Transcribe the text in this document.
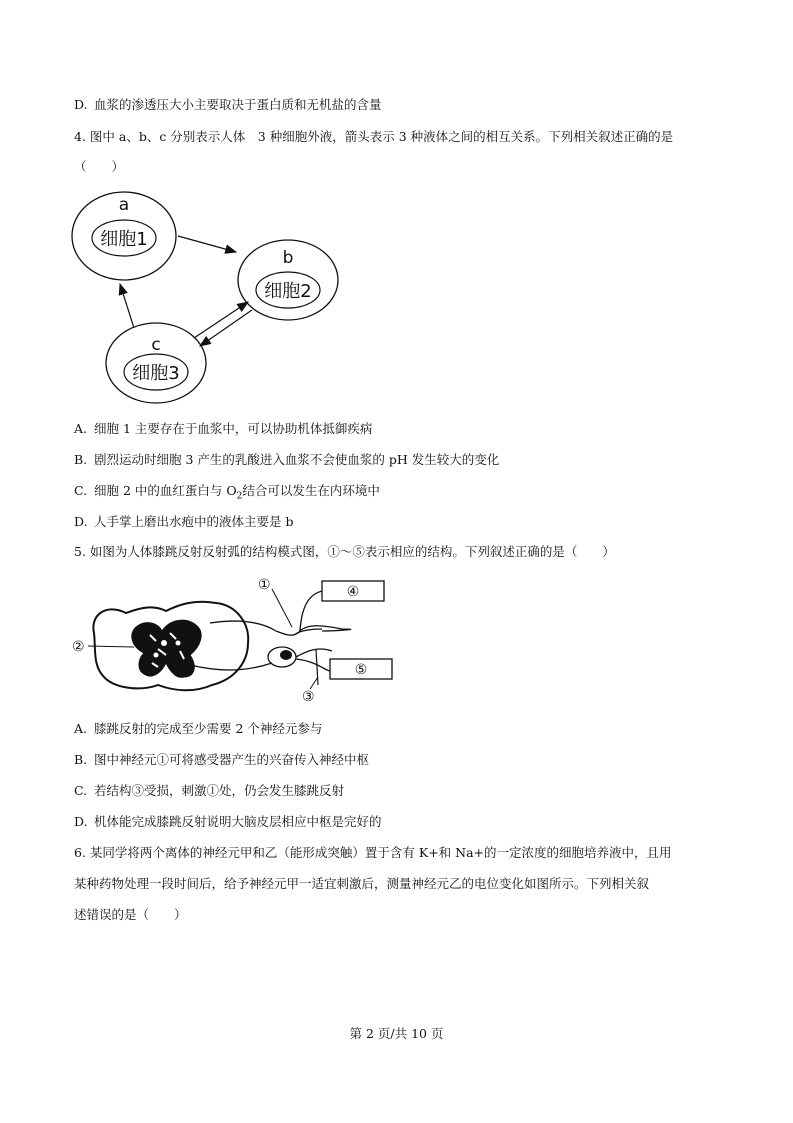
D. 血浆的渗透压大小主要取决于蛋白质和无机盐的含量
4. 图中 a、b、c 分别表示人体　3 种细胞外液，箭头表示 3 种液体之间的相互关系。下列相关叙述正确的是
（　　）
a
细胞1
b
细胞2
c
细胞3
A. 细胞 1 主要存在于血浆中，可以协助机体抵御疾病
B. 剧烈运动时细胞 3 产生的乳酸进入血浆不会使血浆的 pH 发生较大的变化
C. 细胞 2 中的血红蛋白与 $O_2$结合可以发生在内环境中
D. 人手掌上磨出水疱中的液体主要是 b
5. 如图为人体膝跳反射反射弧的结构模式图，①～⑤表示相应的结构。下列叙述正确的是（　　）
④
⑤
①
②
③
A. 膝跳反射的完成至少需要 2 个神经元参与
B. 图中神经元①可将感受器产生的兴奋传入神经中枢
C. 若结构③受损，刺激①处，仍会发生膝跳反射
D. 机体能完成膝跳反射说明大脑皮层相应中枢是完好的
6. 某同学将两个离体的神经元甲和乙（能形成突触）置于含有 K+和 Na+的一定浓度的细胞培养液中，且用
某种药物处理一段时间后，给予神经元甲一适宜刺激后，测量神经元乙的电位变化如图所示。下列相关叙
述错误的是（　　）
第 2 页/共 10 页
